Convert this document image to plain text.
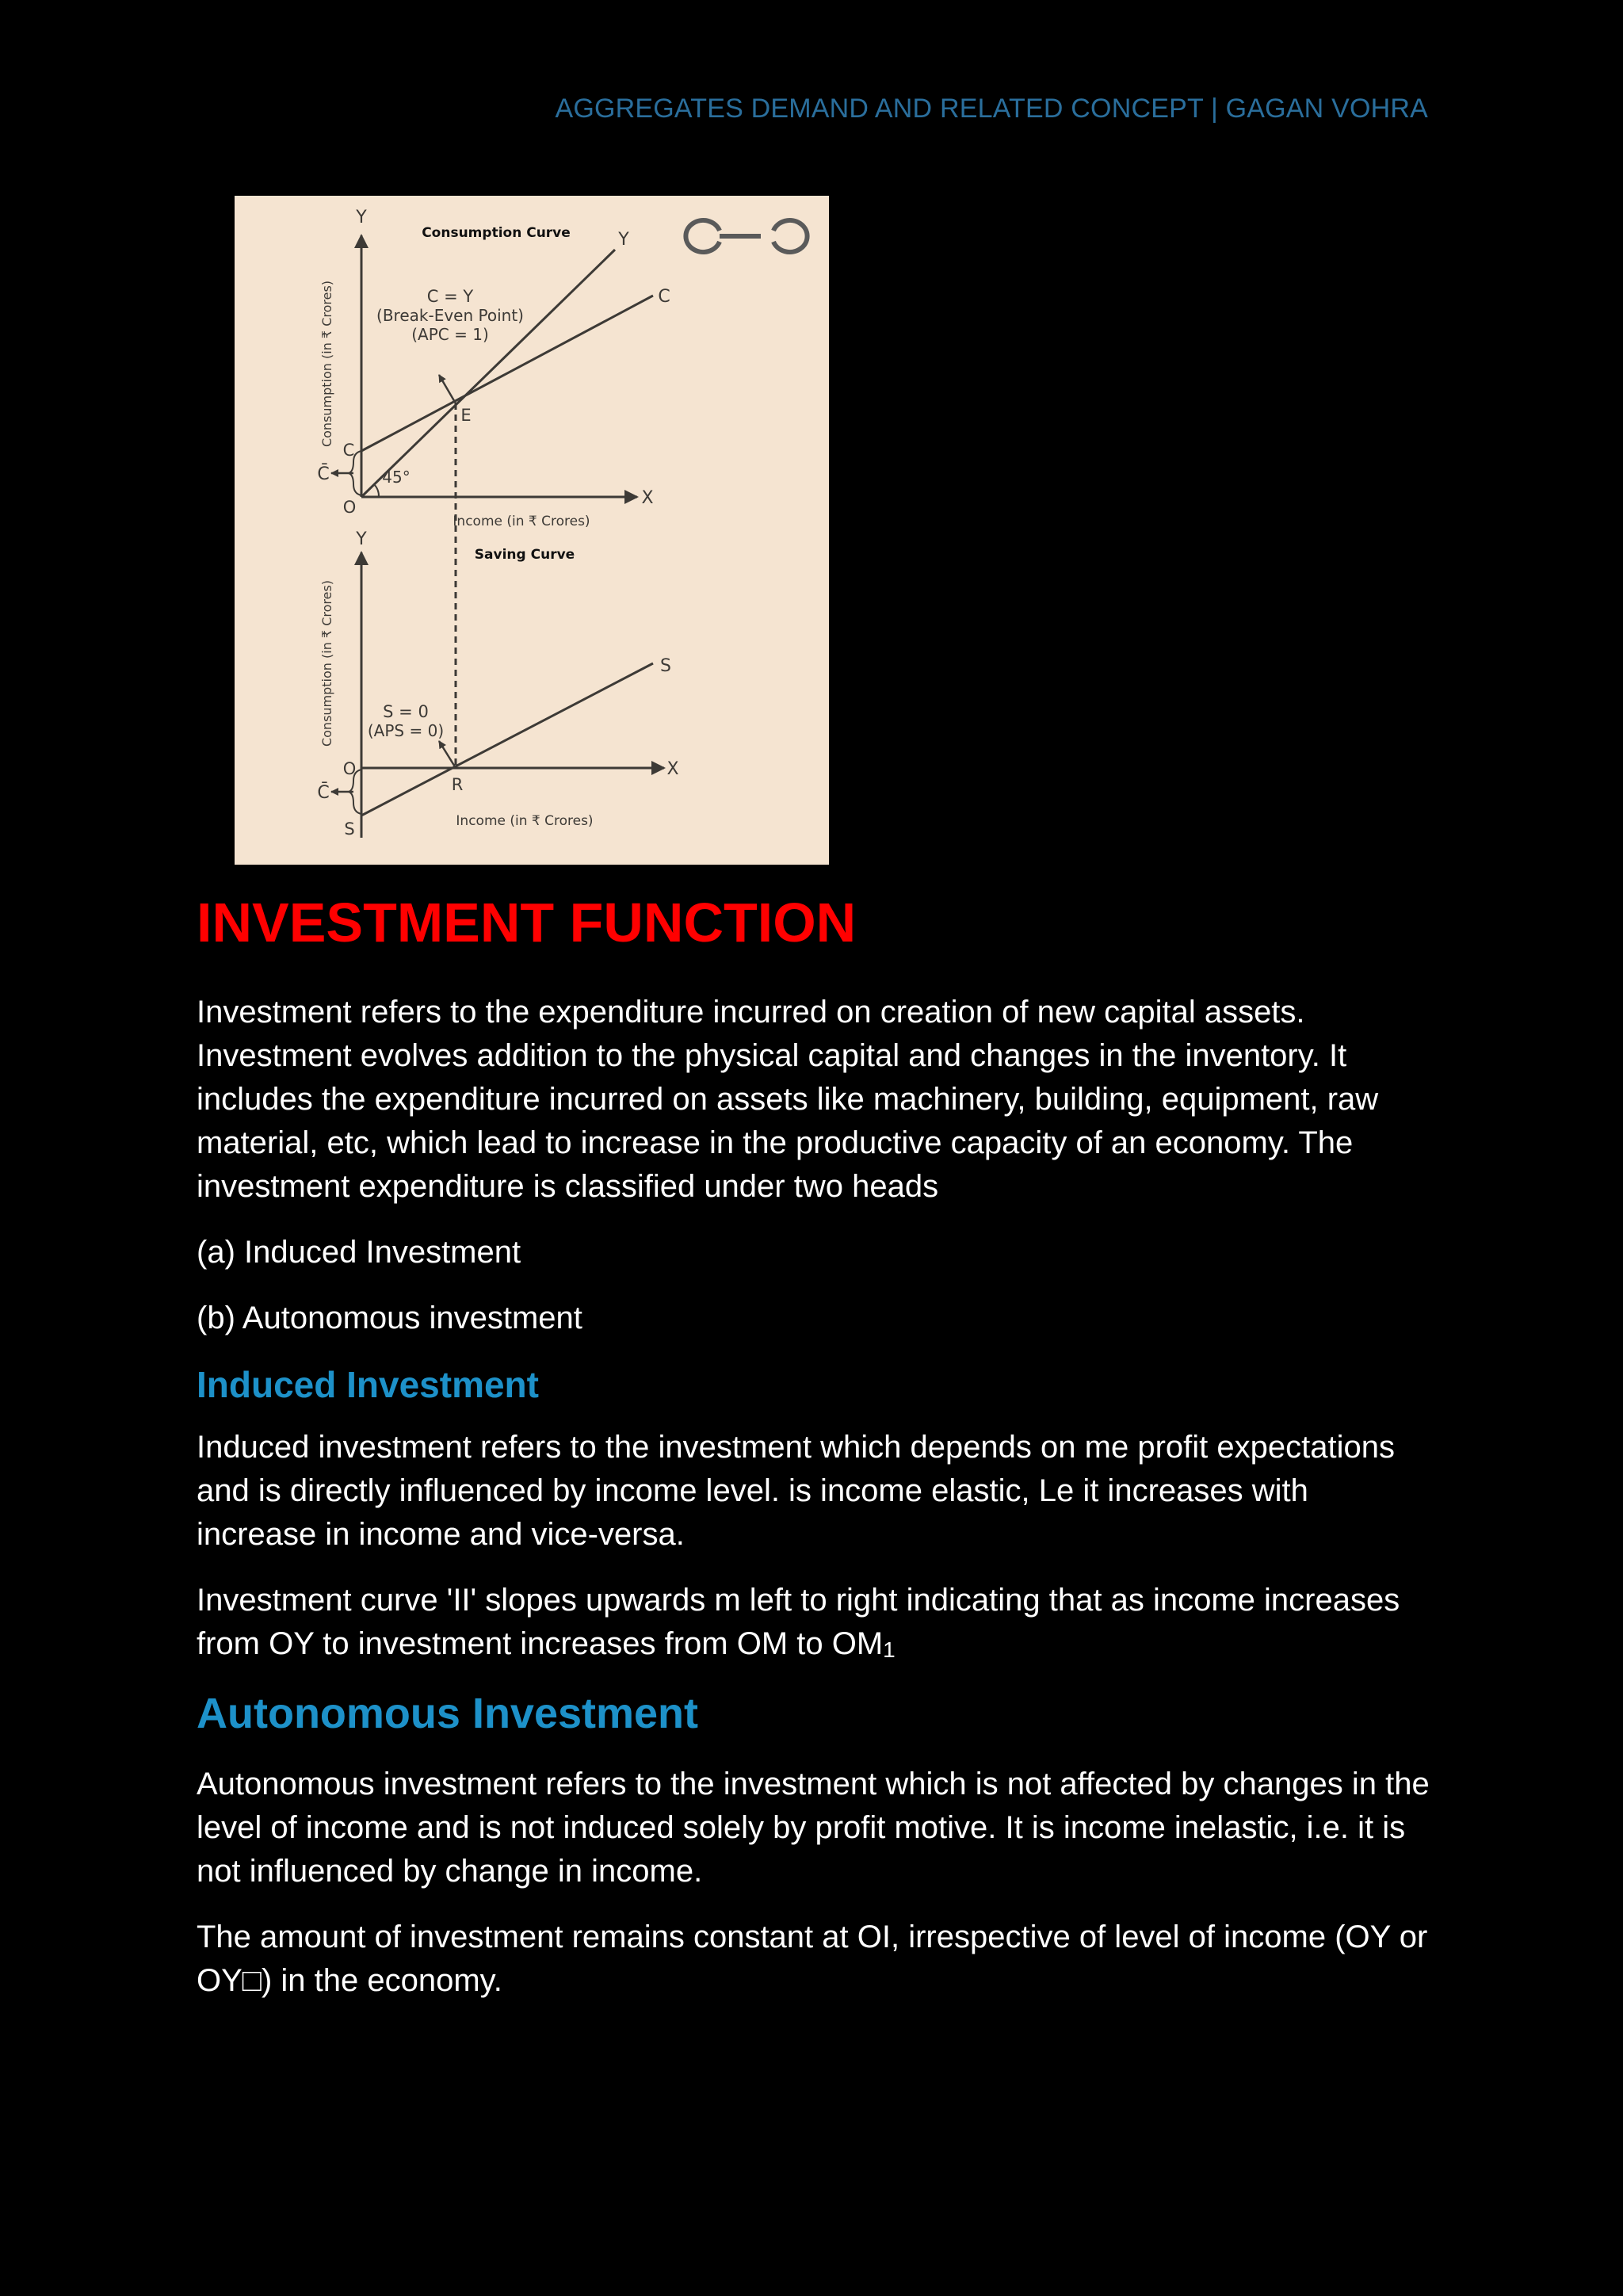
AGGREGATES DEMAND AND RELATED CONCEPT | GAGAN VOHRA
Consumption Curve
Y
Consumption (in ₹ Crores)
X
Income (in ₹ Crores)
Y
C
C = Y
(Break-Even Point)
(APC = 1)
E
C
C̄	45°
O
Saving Curve
Y
Consumption (in ₹ Crores)
X
Income (in ₹ Crores)
S
S = 0
(APS = 0)
O
R
C̄
S
INVESTMENT FUNCTION

Investment refers to the expenditure incurred on creation of new capital assets. Investment evolves addition to the physical capital and changes in the inventory. It includes the expenditure incurred on assets like machinery, building, equipment, raw material, etc, which lead to increase in the productive capacity of an economy. The investment expenditure is classified under two heads

(a) Induced Investment

(b) Autonomous investment

Induced Investment

Induced investment refers to the investment which depends on me profit expectations and is directly influenced by income level. is income elastic, Le it increases with increase in income and vice-versa.

Investment curve 'II' slopes upwards m left to right indicating that as income increases from OY to investment increases from OM to $OM_1$

Autonomous Investment

Autonomous investment refers to the investment which is not affected by changes in the level of income and is not induced solely by profit motive. It is income inelastic, i.e. it is not influenced by change in income.

The amount of investment remains constant at OI, irrespective of level of income (OY or OY□) in the economy.
